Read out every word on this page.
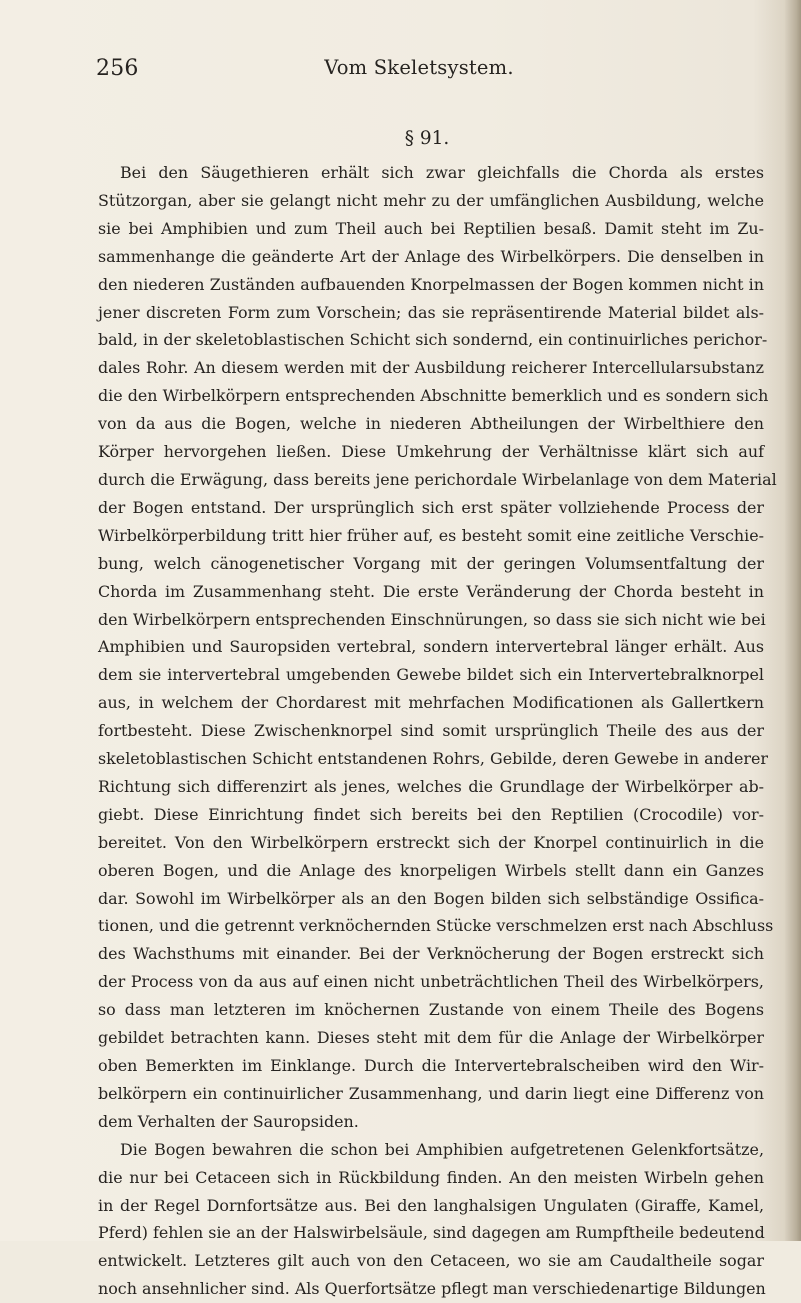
256	Vom Skeletsystem.
§ 91.

Bei den Säugethieren erhält sich zwar gleichfalls die Chorda als erstes
Stützorgan, aber sie gelangt nicht mehr zu der umfänglichen Ausbildung, welche
sie bei Amphibien und zum Theil auch bei Reptilien besaß. Damit steht im Zu-
sammenhange die geänderte Art der Anlage des Wirbelkörpers. Die denselben in
den niederen Zuständen aufbauenden Knorpelmassen der Bogen kommen nicht in
jener discreten Form zum Vorschein; das sie repräsentirende Material bildet als-
bald, in der skeletoblastischen Schicht sich sondernd, ein continuirliches perichor-
dales Rohr. An diesem werden mit der Ausbildung reicherer Intercellularsubstanz
die den Wirbelkörpern entsprechenden Abschnitte bemerklich und es sondern sich
von da aus die Bogen, welche in niederen Abtheilungen der Wirbelthiere den
Körper hervorgehen ließen. Diese Umkehrung der Verhältnisse klärt sich auf
durch die Erwägung, dass bereits jene perichordale Wirbelanlage von dem Material
der Bogen entstand. Der ursprünglich sich erst später vollziehende Process der
Wirbelkörperbildung tritt hier früher auf, es besteht somit eine zeitliche Verschie-
bung, welch cänogenetischer Vorgang mit der geringen Volumsentfaltung der
Chorda im Zusammenhang steht. Die erste Veränderung der Chorda besteht in
den Wirbelkörpern entsprechenden Einschnürungen, so dass sie sich nicht wie bei
Amphibien und Sauropsiden vertebral, sondern intervertebral länger erhält. Aus
dem sie intervertebral umgebenden Gewebe bildet sich ein Intervertebralknorpel
aus, in welchem der Chordarest mit mehrfachen Modificationen als Gallertkern
fortbesteht. Diese Zwischenknorpel sind somit ursprünglich Theile des aus der
skeletoblastischen Schicht entstandenen Rohrs, Gebilde, deren Gewebe in anderer
Richtung sich differenzirt als jenes, welches die Grundlage der Wirbelkörper ab-
giebt. Diese Einrichtung findet sich bereits bei den Reptilien (Crocodile) vor-
bereitet. Von den Wirbelkörpern erstreckt sich der Knorpel continuirlich in die
oberen Bogen, und die Anlage des knorpeligen Wirbels stellt dann ein Ganzes
dar. Sowohl im Wirbelkörper als an den Bogen bilden sich selbständige Ossifica-
tionen, und die getrennt verknöchernden Stücke verschmelzen erst nach Abschluss
des Wachsthums mit einander. Bei der Verknöcherung der Bogen erstreckt sich
der Process von da aus auf einen nicht unbeträchtlichen Theil des Wirbelkörpers,
so dass man letzteren im knöchernen Zustande von einem Theile des Bogens
gebildet betrachten kann. Dieses steht mit dem für die Anlage der Wirbelkörper
oben Bemerkten im Einklange. Durch die Intervertebralscheiben wird den Wir-
belkörpern ein continuirlicher Zusammenhang, und darin liegt eine Differenz von
dem Verhalten der Sauropsiden.

Die Bogen bewahren die schon bei Amphibien aufgetretenen Gelenkfortsätze,
die nur bei Cetaceen sich in Rückbildung finden. An den meisten Wirbeln gehen
in der Regel Dornfortsätze aus. Bei den langhalsigen Ungulaten (Giraffe, Kamel,
Pferd) fehlen sie an der Halswirbelsäule, sind dagegen am Rumpftheile bedeutend
entwickelt. Letzteres gilt auch von den Cetaceen, wo sie am Caudaltheile sogar
noch ansehnlicher sind. Als Querfortsätze pflegt man verschiedenartige Bildungen
